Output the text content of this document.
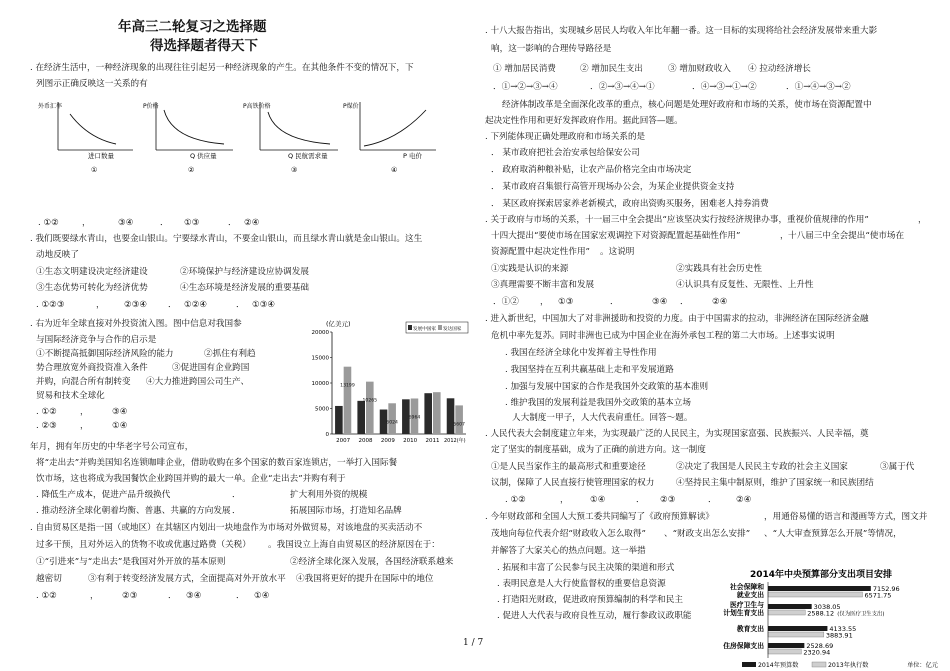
年高三二轮复习之选择题
得选择题者得天下
. 在经济生活中，一种经济现象的出现往往引起另一种经济现象的产生。在其他条件不变的情况下，下
列图示正确反映这一关系的有
外币汇率
进口数量
①
P价格
Q 供应量
②
P高铁价格
Q 民航需求量
③
P煤价
P 电价
④
. ①②	，	③④	． ①③	． ②④
. 我们既要绿水青山，也要金山银山。宁要绿水青山，不要金山银山，而且绿水青山就是金山银山。这生
动地反映了
①生态文明建设决定经济建设	②环境保护与经济建设应协调发展
③生态优势可转化为经济优势	④生态环境是经济发展的重要基础
. ①②③	， ②③④ ． ①②④	． ①③④
. 右为近年全球直接对外投资流入图。图中信息对我国参
与国际经济竞争与合作的启示是
①不断提高抵御国际经济风险的能力	②抓住有利趋
势合理放宽外商投资准入条件	③促进国有企业跨国
并购，向混合所有制转变 ④大力推进跨国公司生产、
贸易和技术全球化
. ①②	，	③④
. ②③	，	①④
(亿美元)
0
5000
10000
15000
20000
2007 2008 2009 2010 2011 2012(年)
13199
10265
6024
6964
5607
发展中国家 发达国家
年月，拥有年历史的中华老字号公司宣布，
将“走出去”并购美国知名连锁咖啡企业，借助收购在多个国家的数百家连锁店，一举打入国际餐
饮市场，这也将成为我国餐饮企业跨国并购的最大一单。企业“走出去”并购有利于
. 降低生产成本，促进产品升级换代	．	扩大利用外资的规模
. 推动经济全球化朝着均衡、普惠、共赢的方向发展 ．	拓展国际市场，打造知名品牌
. 自由贸易区是指一国（或地区）在其辖区内划出一块地盘作为市场对外做贸易，对该地盘的买卖活动不
过多干预，且对外运入的货物不收或优惠过路费（关税） 。我国设立上海自由贸易区的经济原因在于：
①“引进来”与“走出去”是我国对外开放的基本原则	②经济全球化深入发展，各国经济联系越来
越密切	③有利于转变经济发展方式，全面提高对外开放水平 ④我国将更好的提升在国际中的地位
. ①②	，	②③	． ③④	． ①④
. 十八大报告指出，实现城乡居民人均收入年比年翻一番。这一目标的实现将给社会经济发展带来重大影
响，这一影响的合理传导路径是
① 增加居民消费	② 增加民生支出	③ 增加财政收入 ④ 拉动经济增长
．①→②→③→④	．②→③→④→①	．④→③→①→②	．①→④→③→②
经济体制改革是全面深化改革的重点，核心问题是处理好政府和市场的关系，使市场在资源配置中
起决定性作用和更好发挥政府作用。据此回答—题。
. 下列能体现正确处理政府和市场关系的是
． 某市政府把社会治安承包给保安公司
． 政府取消种粮补贴，让农产品价格完全由市场决定
． 某市政府召集银行高管开现场办公会，为某企业提供资金支持
． 某区政府探索居家养老新模式，政府出资购买服务，困难老人持券消费
. 关于政府与市场的关系，十一届三中全会提出“应该坚决实行按经济规律办事，重视价值规律的作用”	，
十四大提出“要使市场在国家宏观调控下对资源配置起基础性作用”	， 十八届三中全会提出“使市场在
资源配置中起决定性作用” 。这说明
①实践是认识的来源	②实践具有社会历史性
③真理需要不断丰富和发展	④认识具有反复性、无限性、上升性
．①② ， ①③	．	③④ ．	②④
. 进入新世纪，中国加大了对非洲援助和投资的力度。由于中国需求的拉动，非洲经济在国际经济金融
危机中率先复苏。同时非洲也已成为中国企业在海外承包工程的第二大市场。上述事实说明
. 我国在经济全球化中发挥着主导性作用
. 我国坚持在互利共赢基础上走和平发展道路
. 加强与发展中国家的合作是我国外交政策的基本准则
. 维护我国的发展利益是我国外交政策的基本立场
人大制度一甲子，人大代表肩重任。回答～题。
. 人民代表大会制度建立年来，为实现最广泛的人民民主，为实现国家富强、民族振兴、人民幸福，奠
定了坚实的制度基础，成为了正确的前进方向。这一制度
①是人民当家作主的最高形式和重要途径	②决定了我国是人民民主专政的社会主义国家	③属于代
议制，保障了人民直接行使管理国家的权力	④坚持民主集中制原则，维护了国家统一和民族团结
. ①②	， ①④	． ②③	． ②④
. 今年财政部和全国人大预工委共同编写了《政府预算解读》	，用通俗易懂的语言和漫画等方式，图文并
茂地向每位代表介绍“财政收入怎么取得” 、“财政支出怎么安排” 、“人大审查预算怎么开展”等情况，
并解答了大家关心的热点问题。这一举措
. 拓展和丰富了公民参与民主决策的渠道和形式
. 表明民意是人大行使监督权的重要信息资源
. 打造阳光财政，促进政府预算编制的科学和民主
. 促进人大代表与政府良性互动，履行参政议政职能
2014年中央预算部分支出项目安排
社会保障和
就业支出
7152.96
6571.75
医疗卫生与
计划生育支出
3038.05
2588.12 (仅为医疗卫生支出)
教育支出	4133.55
3883.91
住房保障支出	2528.69
2320.94
2014年预算数	2013年执行数	单位：亿元
1 / 7
